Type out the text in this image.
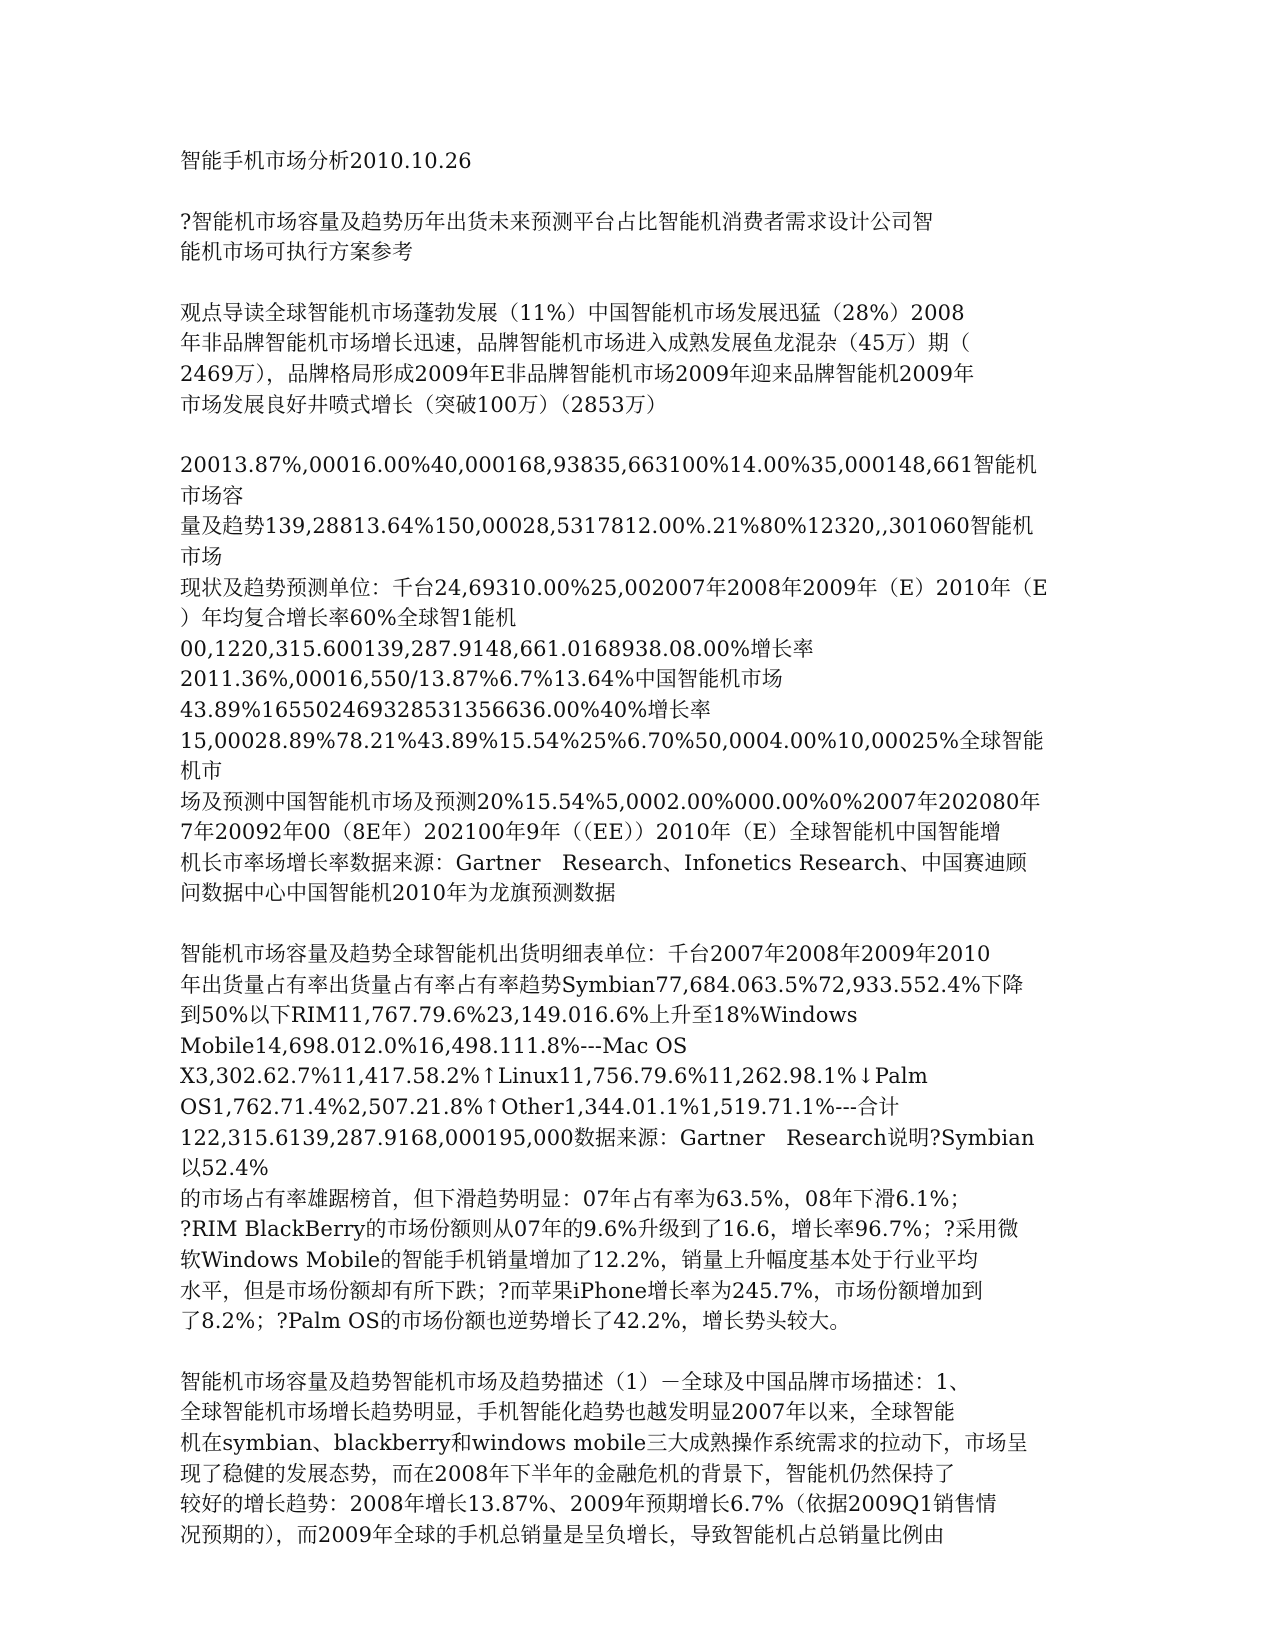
智能手机市场分析2010.10.26
?智能机市场容量及趋势历年出货未来预测平台占比智能机消费者需求设计公司智
能机市场可执行方案参考
观点导读全球智能机市场蓬勃发展（11%）中国智能机市场发展迅猛（28%）2008
年非品牌智能机市场增长迅速，品牌智能机市场进入成熟发展鱼龙混杂（45万）期（
2469万），品牌格局形成2009年E非品牌智能机市场2009年迎来品牌智能机2009年
市场发展良好井喷式增长（突破100万）（2853万）
20013.87%,00016.00%40,000168,93835,663100%14.00%35,000148,661智能机市场容
量及趋势139,28813.64%150,00028,5317812.00%.21%80%12320,,301060智能机市场
现状及趋势预测单位：千台24,69310.00%25,002007年2008年2009年（E）2010年（E
）年均复合增长率60%全球智1能机
00,1220,315.600139,287.9148,661.0168938.08.00%增长率
2011.36%,00016,550/13.87%6.7%13.64%中国智能机市场
43.89%165502469328531356636.00%40%增长率
15,00028.89%78.21%43.89%15.54%25%6.70%50,0004.00%10,00025%全球智能机市
场及预测中国智能机市场及预测20%15.54%5,0002.00%000.00%0%2007年202080年
7年20092年00（8E年）202100年9年（（EE））2010年（E）全球智能机中国智能增
机长市率场增长率数据来源：Gartner　Research、Infonetics Research、中国赛迪顾
问数据中心中国智能机2010年为龙旗预测数据
智能机市场容量及趋势全球智能机出货明细表单位：千台2007年2008年2009年2010
年出货量占有率出货量占有率占有率趋势Symbian77,684.063.5%72,933.552.4%下降
到50%以下RIM11,767.79.6%23,149.016.6%上升至18%Windows
Mobile14,698.012.0%16,498.111.8%---Mac OS
X3,302.62.7%11,417.58.2%↑Linux11,756.79.6%11,262.98.1%↓Palm
OS1,762.71.4%2,507.21.8%↑Other1,344.01.1%1,519.71.1%---合计
122,315.6139,287.9168,000195,000数据来源：Gartner　Research说明?Symbian以52.4%
的市场占有率雄踞榜首，但下滑趋势明显：07年占有率为63.5%，08年下滑6.1%；
?RIM BlackBerry的市场份额则从07年的9.6%升级到了16.6，增长率96.7%；?采用微
软Windows Mobile的智能手机销量增加了12.2%，销量上升幅度基本处于行业平均
水平，但是市场份额却有所下跌；?而苹果iPhone增长率为245.7%，市场份额增加到
了8.2%；?Palm OS的市场份额也逆势增长了42.2%，增长势头较大。
智能机市场容量及趋势智能机市场及趋势描述（1）－全球及中国品牌市场描述：1、
全球智能机市场增长趋势明显，手机智能化趋势也越发明显2007年以来，全球智能
机在symbian、blackberry和windows mobile三大成熟操作系统需求的拉动下，市场呈
现了稳健的发展态势，而在2008年下半年的金融危机的背景下，智能机仍然保持了
较好的增长趋势：2008年增长13.87%、2009年预期增长6.7%（依据2009Q1销售情
况预期的），而2009年全球的手机总销量是呈负增长，导致智能机占总销量比例由
